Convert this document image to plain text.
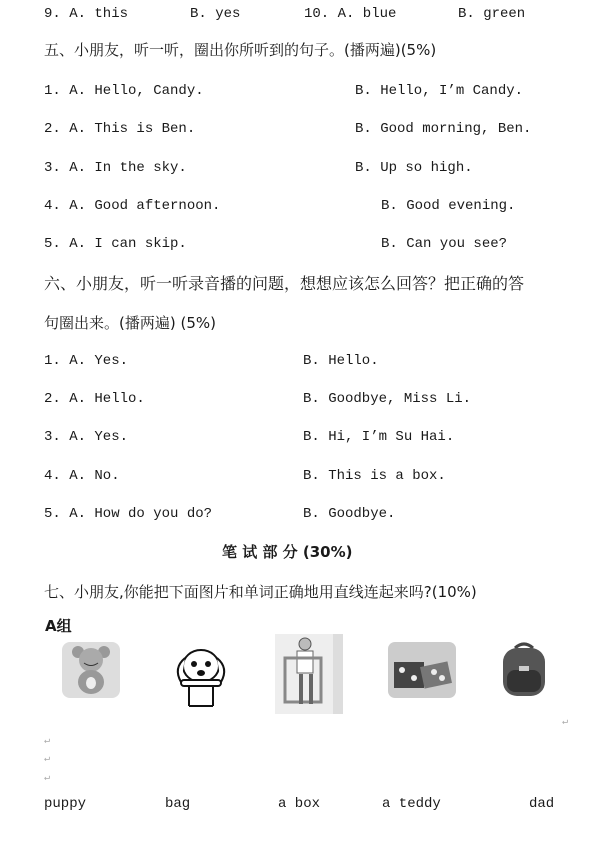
9. A. this	B. yes	10. A. blue	B. green
五、小朋友，听一听，圈出你所听到的句子。(播两遍)(5%)
1. A. Hello, Candy.	B. Hello, I’m Candy.
2. A. This is Ben.	B. Good morning, Ben.
3. A. In the sky.	B. Up so high.
4. A. Good afternoon.	B. Good evening.
5. A. I can skip.	B. Can you see?
六、小朋友，听一听录音播的问题，想想应该怎么回答？把正确的答
句圈出来。(播两遍) (5%)
1. A. Yes.	B. Hello.
2. A. Hello.	B. Goodbye, Miss Li.
3. A. Yes.	B. Hi, I’m Su Hai.
4. A. No.	B. This is a box.
5. A. How do you do?	B. Goodbye.
笔 试 部 分 (30%)
七、小朋友,你能把下面图片和单词正确地用直线连起来吗?(10%)
A组
↵
↵
↵
↵
puppy	bag	a box	a teddy	dad
